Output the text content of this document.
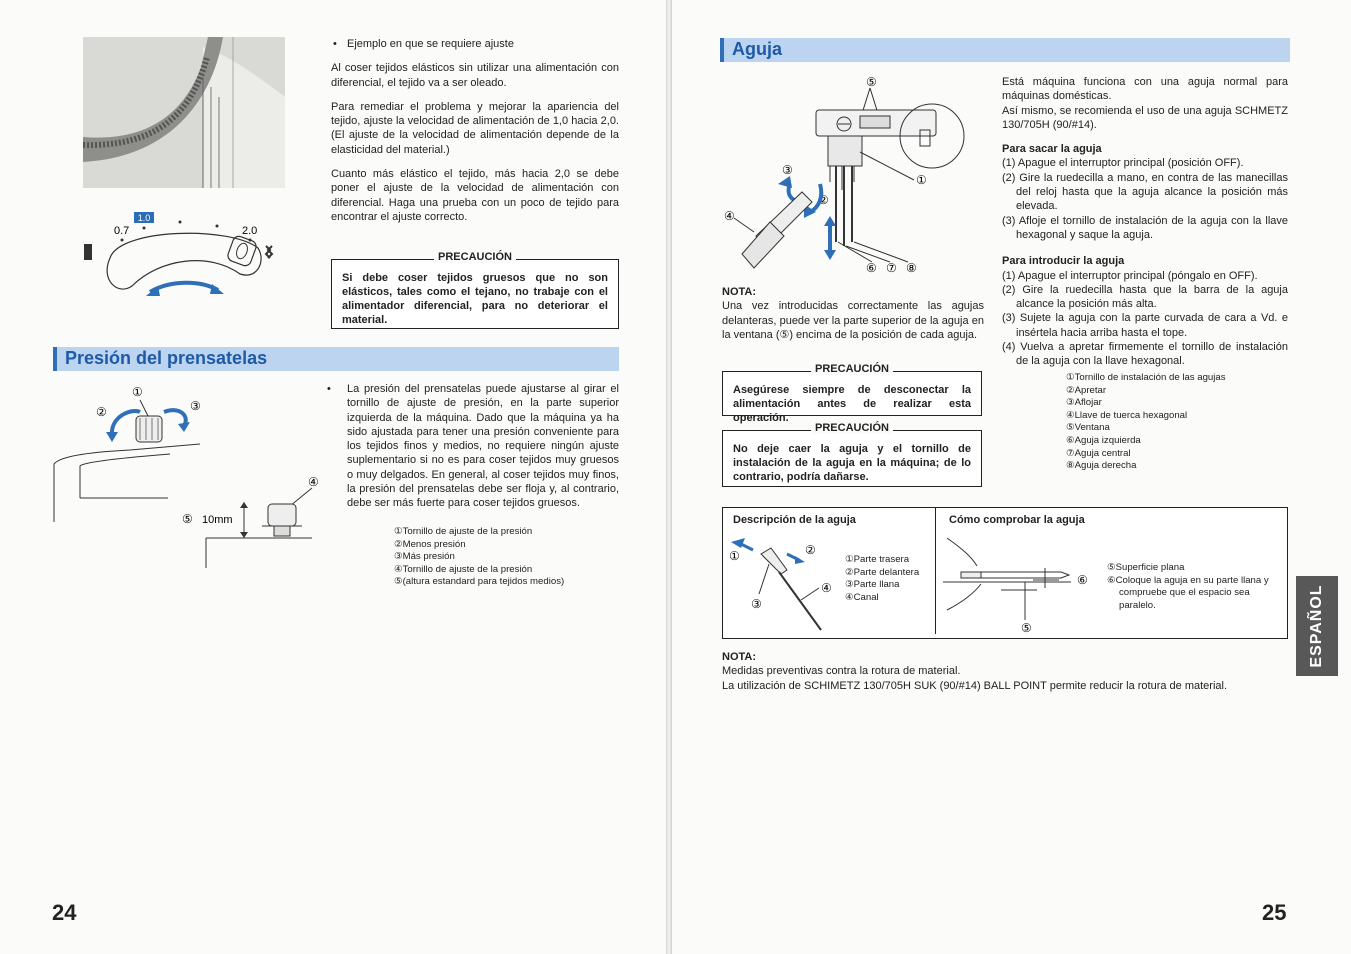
1.0
0.7	2.0
• Ejemplo en que se requiere ajuste
Al coser tejidos elásticos sin utilizar una alimentación con diferencial, el tejido va a ser oleado.
Para remediar el problema y mejorar la apariencia del tejido, ajuste la velocidad de alimentación de 1,0 hacia 2,0. (El ajuste de la velocidad de alimentación depende de la elasticidad del material.)
Cuanto más elástico el tejido, más hacia 2,0 se debe poner el ajuste de la velocidad de alimentación con diferencial. Haga una prueba con un poco de tejido para encontrar el ajuste correcto.
PRECAUCIÓN
Si debe coser tejidos gruesos que no son elásticos, tales como el tejano, no trabaje con el alimentador diferencial, para no deteriorar el material.
Presión del prensatelas
①
②	③
④
⑤ 10mm
• La presión del prensatelas puede ajustarse al girar el tornillo de ajuste de presión, en la parte superior izquierda de la máquina. Dado que la máquina ya ha sido ajustada para tener una presión conveniente para los tejidos finos y medios, no requiere ningún ajuste suplementario si no es para coser tejidos muy gruesos o muy delgados. En general, al coser tejidos muy finos, la presión del prensatelas debe ser floja y, al contrario, debe ser más fuerte para coser tejidos gruesos.
①Tornillo de ajuste de la presión
②Menos presión
③Más presión
④Tornillo de ajuste de la presión
⑤(altura estandard para tejidos medios)
24
Aguja
⑤
①
③
②
④
⑥ ⑦ ⑧
NOTA:
Una vez introducidas correctamente las agujas delanteras, puede ver la parte superior de la aguja en la ventana (⑤) encima de la posición de cada aguja.
PRECAUCIÓN
Asegúrese siempre de desconectar la alimentación antes de realizar esta operación.
PRECAUCIÓN
No deje caer la aguja y el tornillo de instalación de la aguja en la máquina; de lo contrario, podría dañarse.
Está máquina funciona con una aguja normal para máquinas domésticas.
Así mismo, se recomienda el uso de una aguja SCHMETZ 130/705H (90/#14).
Para sacar la aguja
(1) Apague el interruptor principal (posición OFF).
(2) Gire la ruedecilla a mano, en contra de las manecillas del reloj hasta que la aguja alcance la posición más elevada.
(3) Afloje el tornillo de instalación de la aguja con la llave hexagonal y saque la aguja.
Para introducir la aguja
(1) Apague el interruptor principal (póngalo en OFF).
(2) Gire la ruedecilla hasta que la barra de la aguja alcance la posición más alta.
(3) Sujete la aguja con la parte curvada de cara a Vd. e insértela hacia arriba hasta el tope.
(4) Vuelva a apretar firmemente el tornillo de instalación de la aguja con la llave hexagonal.
①Tornillo de instalación de las agujas
②Apretar
③Aflojar
④Llave de tuerca hexagonal
⑤Ventana
⑥Aguja izquierda
⑦Aguja central
⑧Aguja derecha
Descripción de la aguja	Cómo comprobar la aguja
①	②
③
④
①Parte trasera
②Parte delantera
③Parte llana
④Canal
⑥
⑤
⑤Superficie plana
⑥Coloque la aguja en su parte llana y compruebe que el espacio sea paralelo.
NOTA:
Medidas preventivas contra la rotura de material.
La utilización de SCHIMETZ 130/705H SUK (90/#14) BALL POINT permite reducir la rotura de material.
25
ESPAÑOL
